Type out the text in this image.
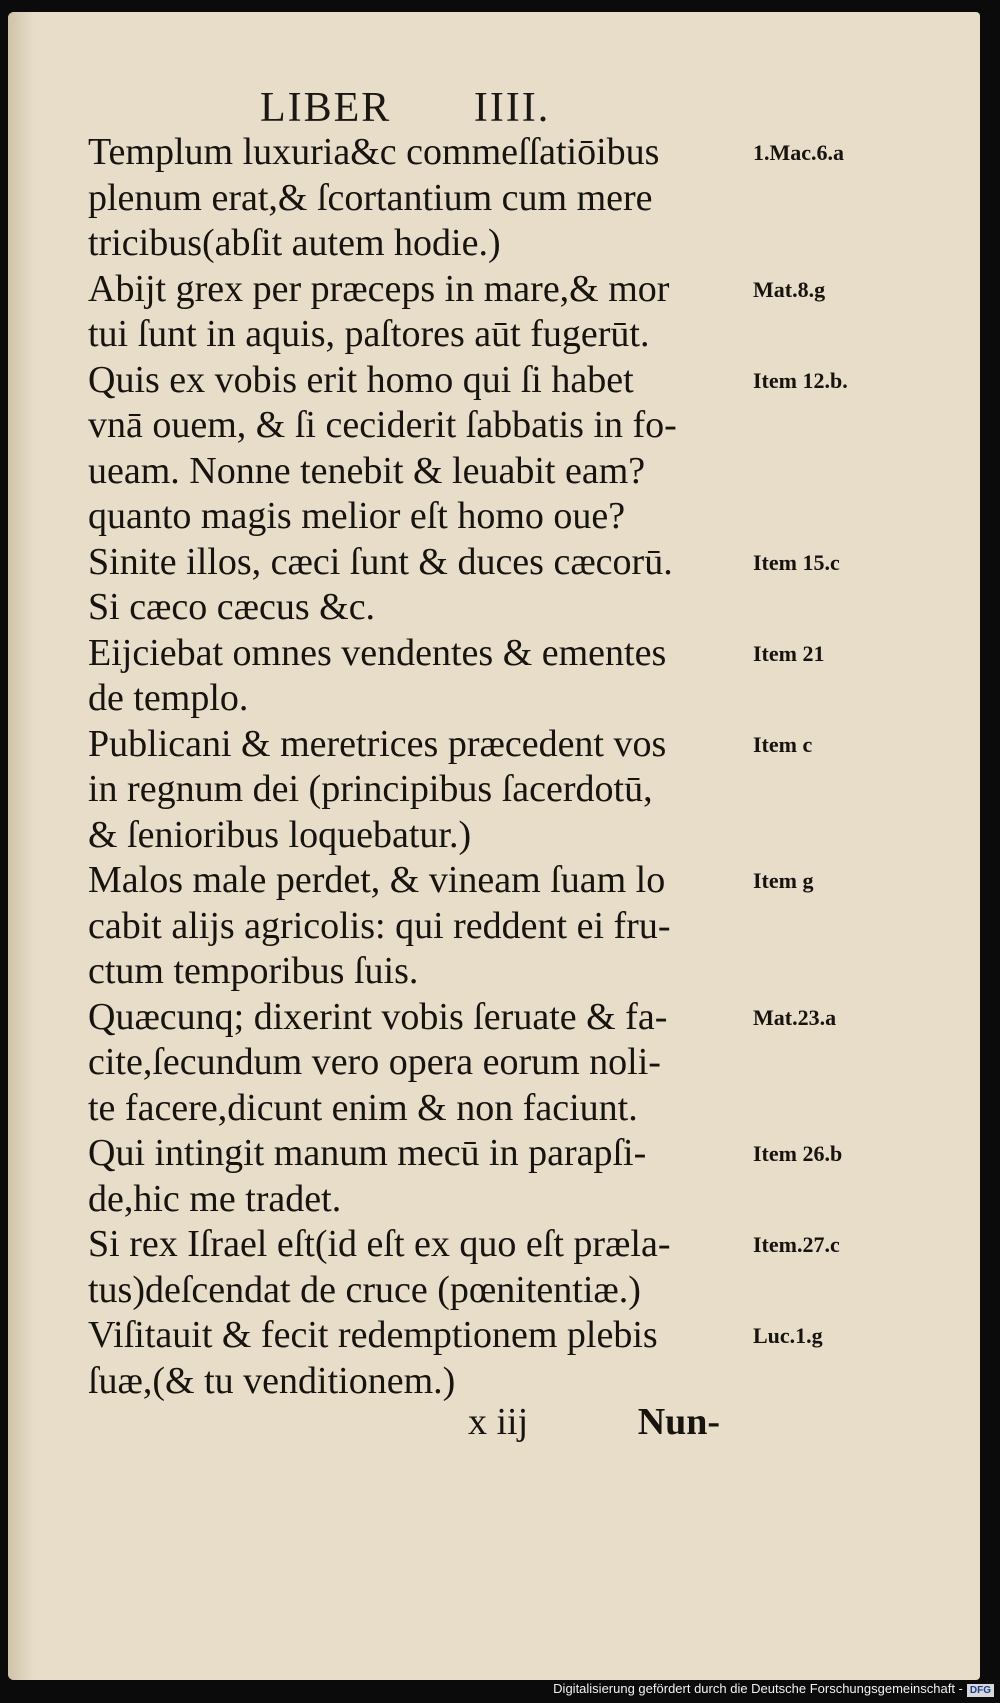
LIBER IIII.
Templum luxuria&c commeſſatiōibus
plenum erat,& ſcortantium cum mere
tricibus(abſit autem hodie.)
Abijt grex per præceps in mare,& mor
tui ſunt in aquis, paſtores aūt fugerūt.
Quis ex vobis erit homo qui ſi habet
vnā ouem, & ſi ceciderit ſabbatis in fo-
ueam. Nonne tenebit & leuabit eam?
quanto magis melior eſt homo oue?
Sinite illos, cæci ſunt & duces cæcorū.
Si cæco cæcus &c.
Eijciebat omnes vendentes & ementes
de templo.
Publicani & meretrices præcedent vos
in regnum dei (principibus ſacerdotū,
& ſenioribus loquebatur.)
Malos male perdet, & vineam ſuam lo
cabit alijs agricolis: qui reddent ei fru-
ctum temporibus ſuis.
Quæcunq; dixerint vobis ſeruate & fa-
cite,ſecundum vero opera eorum noli-
te facere,dicunt enim & non faciunt.
Qui intingit manum mecū in parapſi-
de,hic me tradet.
Si rex Iſrael eſt(id eſt ex quo eſt præla-
tus)deſcendat de cruce (pœnitentiæ.)
Viſitauit & fecit redemptionem plebis
ſuæ,(& tu venditionem.)
1.Mac.6.a
Mat.8.g
Item 12.b.
Item 15.c
Item 21
Item c
Item g
Mat.23.a
Item 26.b
Item.27.c
Luc.1.g
x iij	Nun-
Digitalisierung gefördert durch die Deutsche Forschungsgemeinschaft - DFG
